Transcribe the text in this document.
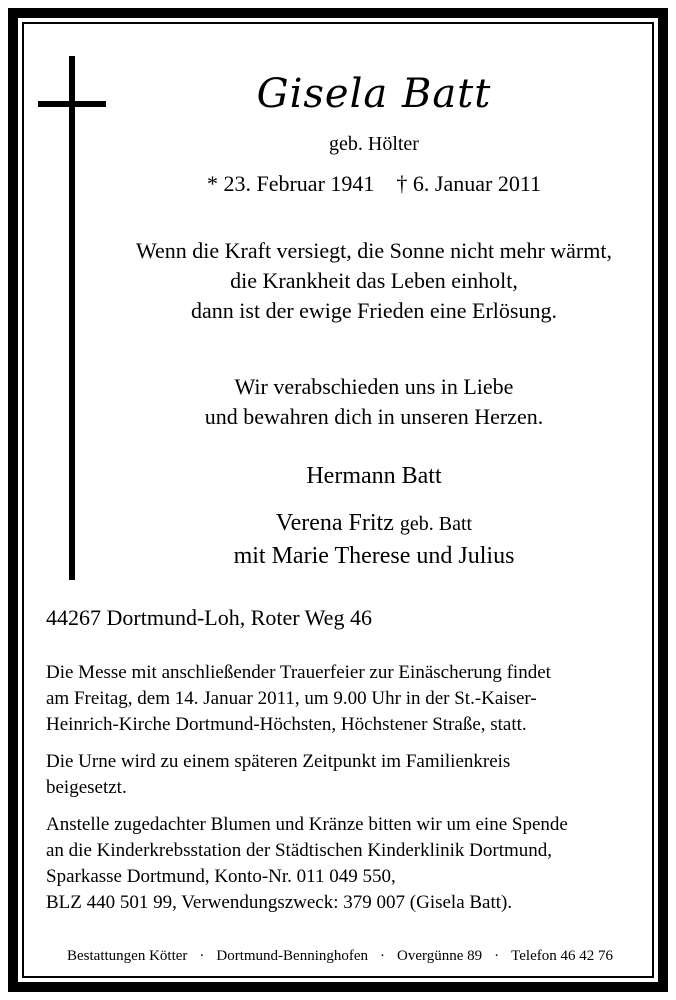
Gisela Batt
geb. Hölter
* 23. Februar 1941 † 6. Januar 2011
Wenn die Kraft versiegt, die Sonne nicht mehr wärmt,
die Krankheit das Leben einholt,
dann ist der ewige Frieden eine Erlösung.
Wir verabschieden uns in Liebe
und bewahren dich in unseren Herzen.
Hermann Batt
Verena Fritz geb. Batt
mit Marie Therese und Julius
44267 Dortmund-Loh, Roter Weg 46

Die Messe mit anschließender Trauerfeier zur Einäscherung findet
am Freitag, dem 14. Januar 2011, um 9.00 Uhr in der St.-Kaiser-
Heinrich-Kirche Dortmund-Höchsten, Höchstener Straße, statt.

Die Urne wird zu einem späteren Zeitpunkt im Familienkreis
beigesetzt.

Anstelle zugedachter Blumen und Kränze bitten wir um eine Spende
an die Kinderkrebsstation der Städtischen Kinderklinik Dortmund,
Sparkasse Dortmund, Konto-Nr. 011 049 550,
BLZ 440 501 99, Verwendungszweck: 379 007 (Gisela Batt).

Bestattungen Kötter · Dortmund-Benninghofen · Overgünne 89 · Telefon 46 42 76
